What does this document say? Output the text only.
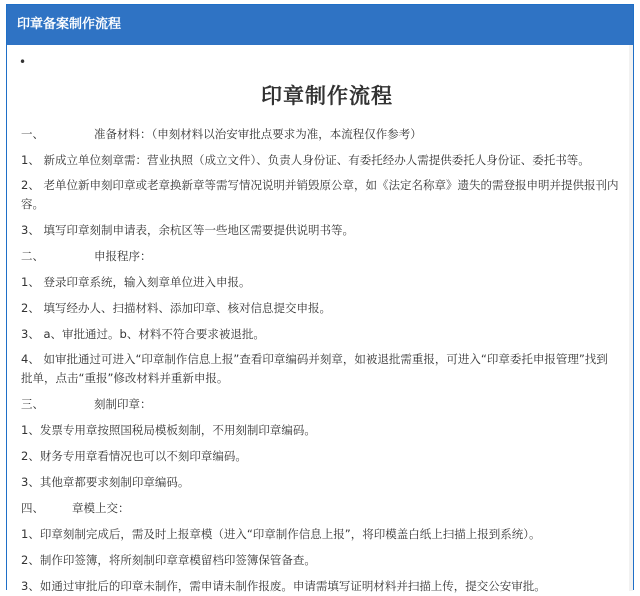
印章备案制作流程
•
印章制作流程
一、	准备材料：（申刻材料以治安审批点要求为准，本流程仅作参考）
1、 新成立单位刻章需：营业执照（成立文件）、负责人身份证、有委托经办人需提供委托人身份证、委托书等。
2、 老单位新申刻印章或老章换新章等需写情况说明并销毁原公章，如《法定名称章》遗失的需登报申明并提供报刊内容。
3、 填写印章刻制申请表，余杭区等一些地区需要提供说明书等。
二、	申报程序：
1、 登录印章系统，输入刻章单位进入申报。
2、 填写经办人、扫描材料、添加印章、核对信息提交申报。
3、 a、审批通过。b、材料不符合要求被退批。
4、 如审批通过可进入“印章制作信息上报”查看印章编码并刻章，如被退批需重报，可进入“印章委托申报管理”找到批单，点击“重报”修改材料并重新申报。
三、	刻制印章：
1、发票专用章按照国税局模板刻制，不用刻制印章编码。
2、财务专用章看情况也可以不刻印章编码。
3、其他章都要求刻制印章编码。
四、 章模上交：
1、印章刻制完成后，需及时上报章模（进入“印章制作信息上报”，将印模盖白纸上扫描上报到系统）。
2、制作印签簿，将所刻制印章章模留档印签簿保管备查。
3、如通过审批后的印章未制作，需申请未制作报废。申请需填写证明材料并扫描上传，提交公安审批。
